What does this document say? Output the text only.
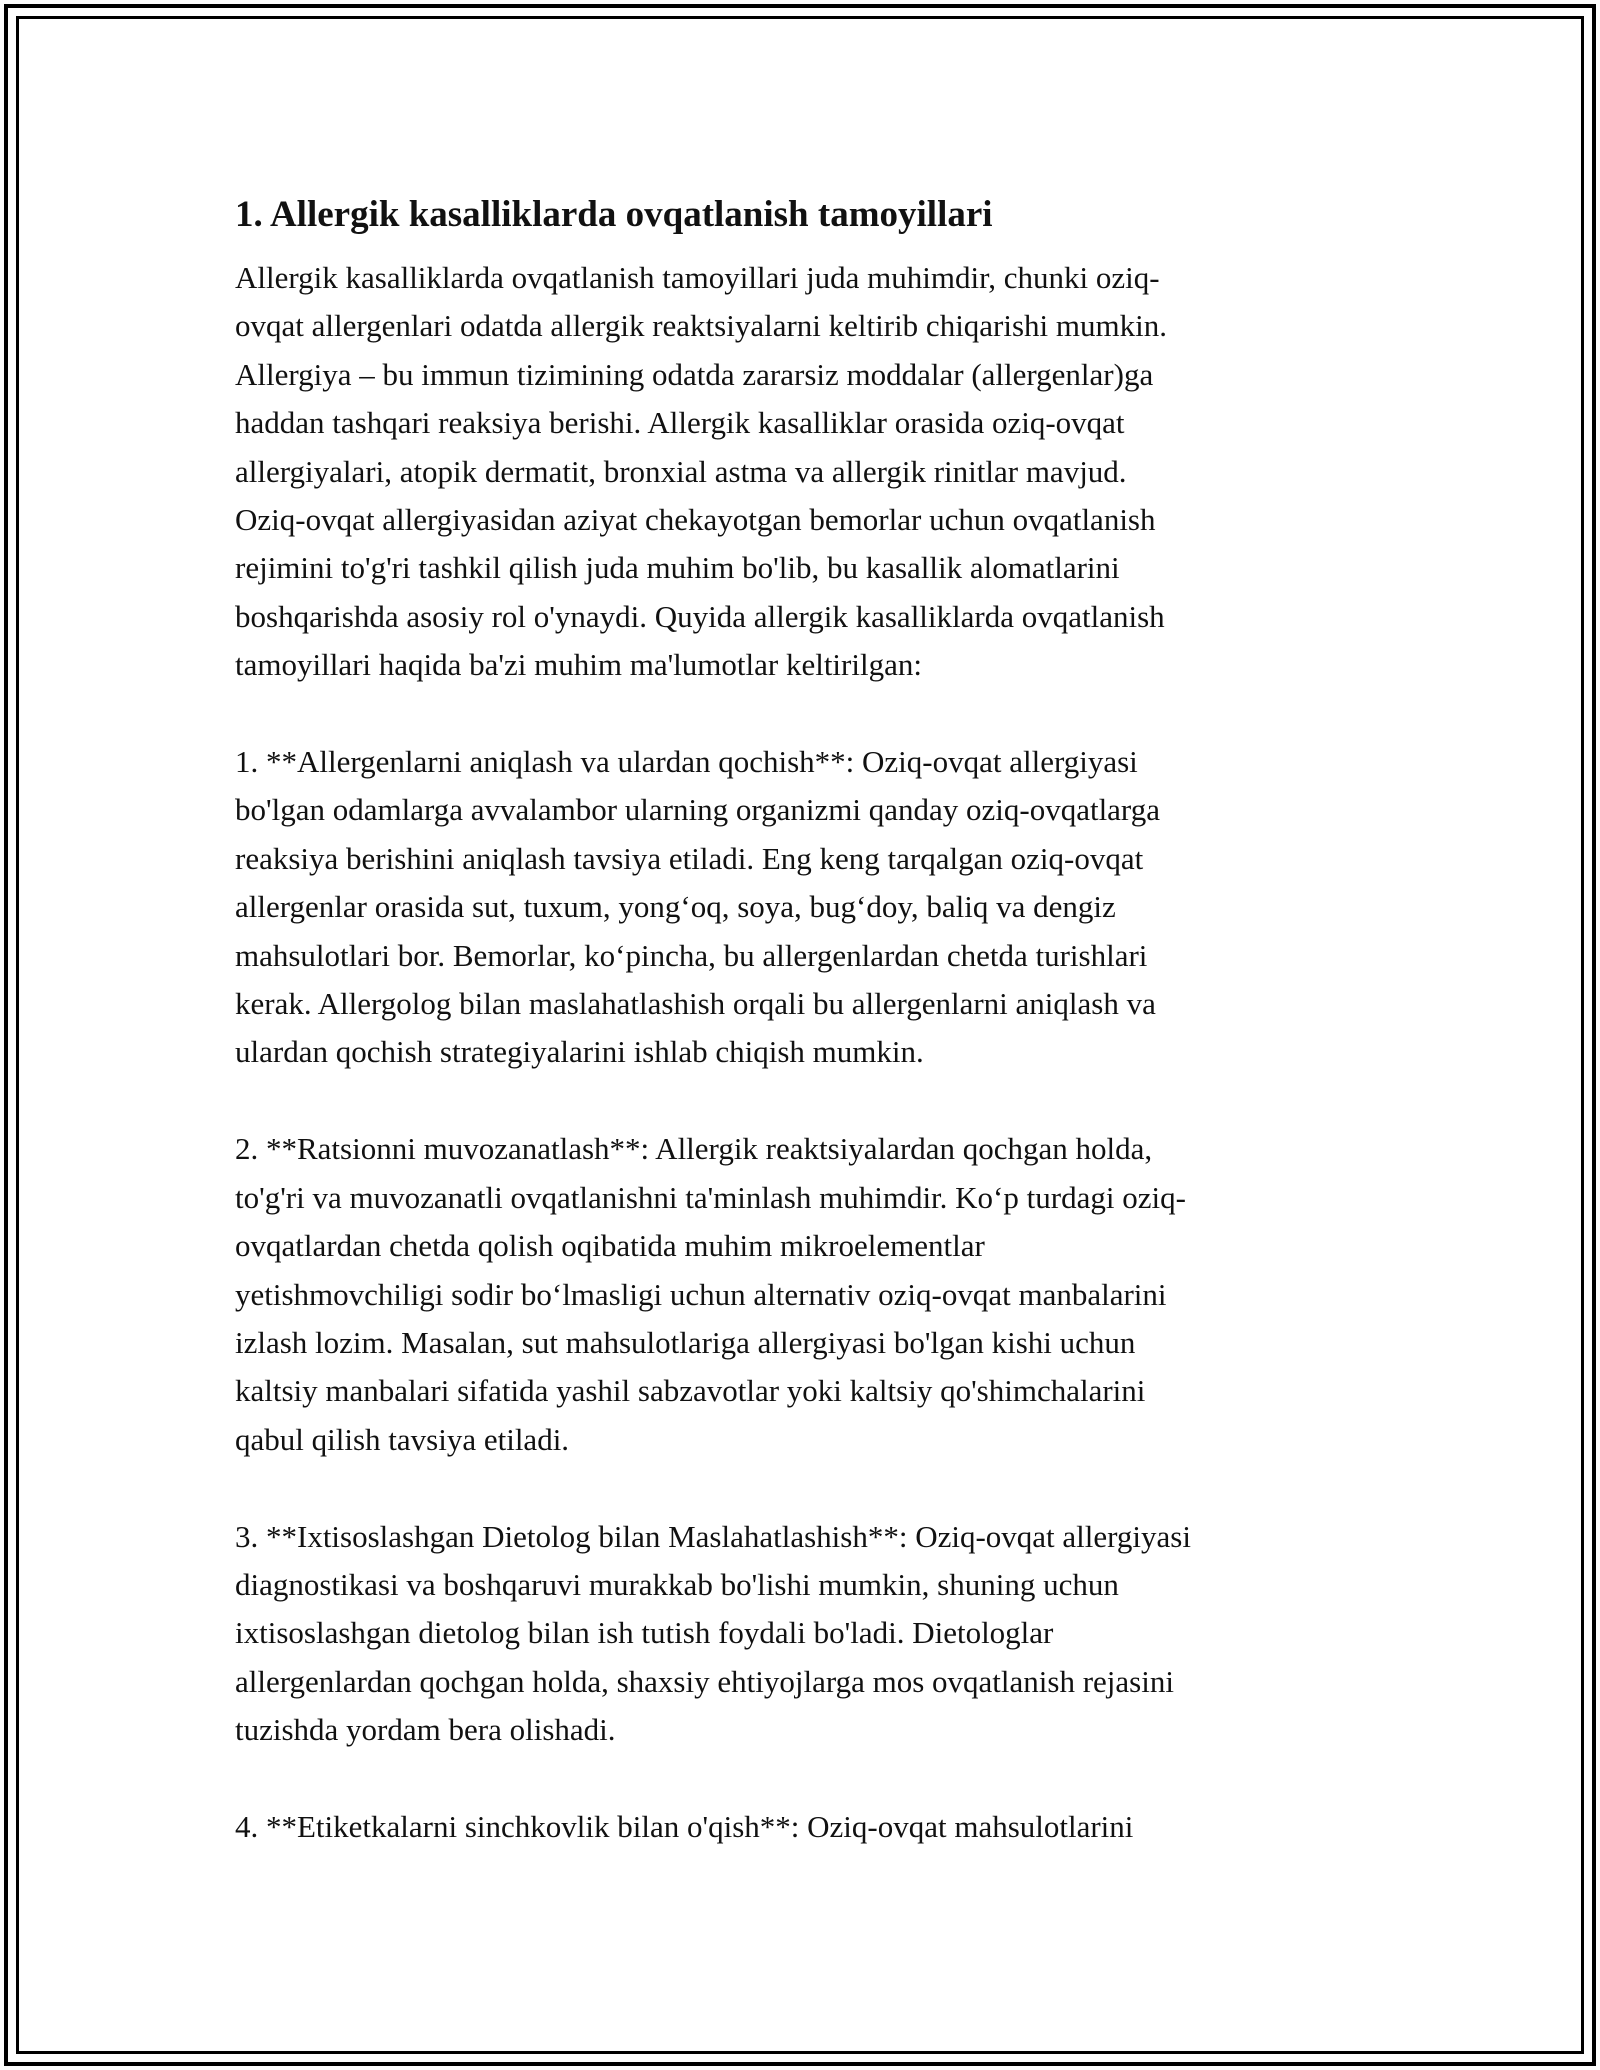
1. Allergik kasalliklarda ovqatlanish tamoyillari
Allergik kasalliklarda ovqatlanish tamoyillari juda muhimdir, chunki oziq-
ovqat allergenlari odatda allergik reaktsiyalarni keltirib chiqarishi mumkin.
Allergiya – bu immun tizimining odatda zararsiz moddalar (allergenlar)ga
haddan tashqari reaksiya berishi. Allergik kasalliklar orasida oziq-ovqat
allergiyalari, atopik dermatit, bronxial astma va allergik rinitlar mavjud.
Oziq-ovqat allergiyasidan aziyat chekayotgan bemorlar uchun ovqatlanish
rejimini to'g'ri tashkil qilish juda muhim bo'lib, bu kasallik alomatlarini
boshqarishda asosiy rol o'ynaydi. Quyida allergik kasalliklarda ovqatlanish
tamoyillari haqida ba'zi muhim ma'lumotlar keltirilgan:
1. **Allergenlarni aniqlash va ulardan qochish**: Oziq-ovqat allergiyasi
bo'lgan odamlarga avvalambor ularning organizmi qanday oziq-ovqatlarga
reaksiya berishini aniqlash tavsiya etiladi. Eng keng tarqalgan oziq-ovqat
allergenlar orasida sut, tuxum, yong‘oq, soya, bug‘doy, baliq va dengiz
mahsulotlari bor. Bemorlar, ko‘pincha, bu allergenlardan chetda turishlari
kerak. Allergolog bilan maslahatlashish orqali bu allergenlarni aniqlash va
ulardan qochish strategiyalarini ishlab chiqish mumkin.
2. **Ratsionni muvozanatlash**: Allergik reaktsiyalardan qochgan holda,
to'g'ri va muvozanatli ovqatlanishni ta'minlash muhimdir. Ko‘p turdagi oziq-
ovqatlardan chetda qolish oqibatida muhim mikroelementlar
yetishmovchiligi sodir bo‘lmasligi uchun alternativ oziq-ovqat manbalarini
izlash lozim. Masalan, sut mahsulotlariga allergiyasi bo'lgan kishi uchun
kaltsiy manbalari sifatida yashil sabzavotlar yoki kaltsiy qo'shimchalarini
qabul qilish tavsiya etiladi.
3. **Ixtisoslashgan Dietolog bilan Maslahatlashish**: Oziq-ovqat allergiyasi
diagnostikasi va boshqaruvi murakkab bo'lishi mumkin, shuning uchun
ixtisoslashgan dietolog bilan ish tutish foydali bo'ladi. Dietologlar
allergenlardan qochgan holda, shaxsiy ehtiyojlarga mos ovqatlanish rejasini
tuzishda yordam bera olishadi.
4. **Etiketkalarni sinchkovlik bilan o'qish**: Oziq-ovqat mahsulotlarini
